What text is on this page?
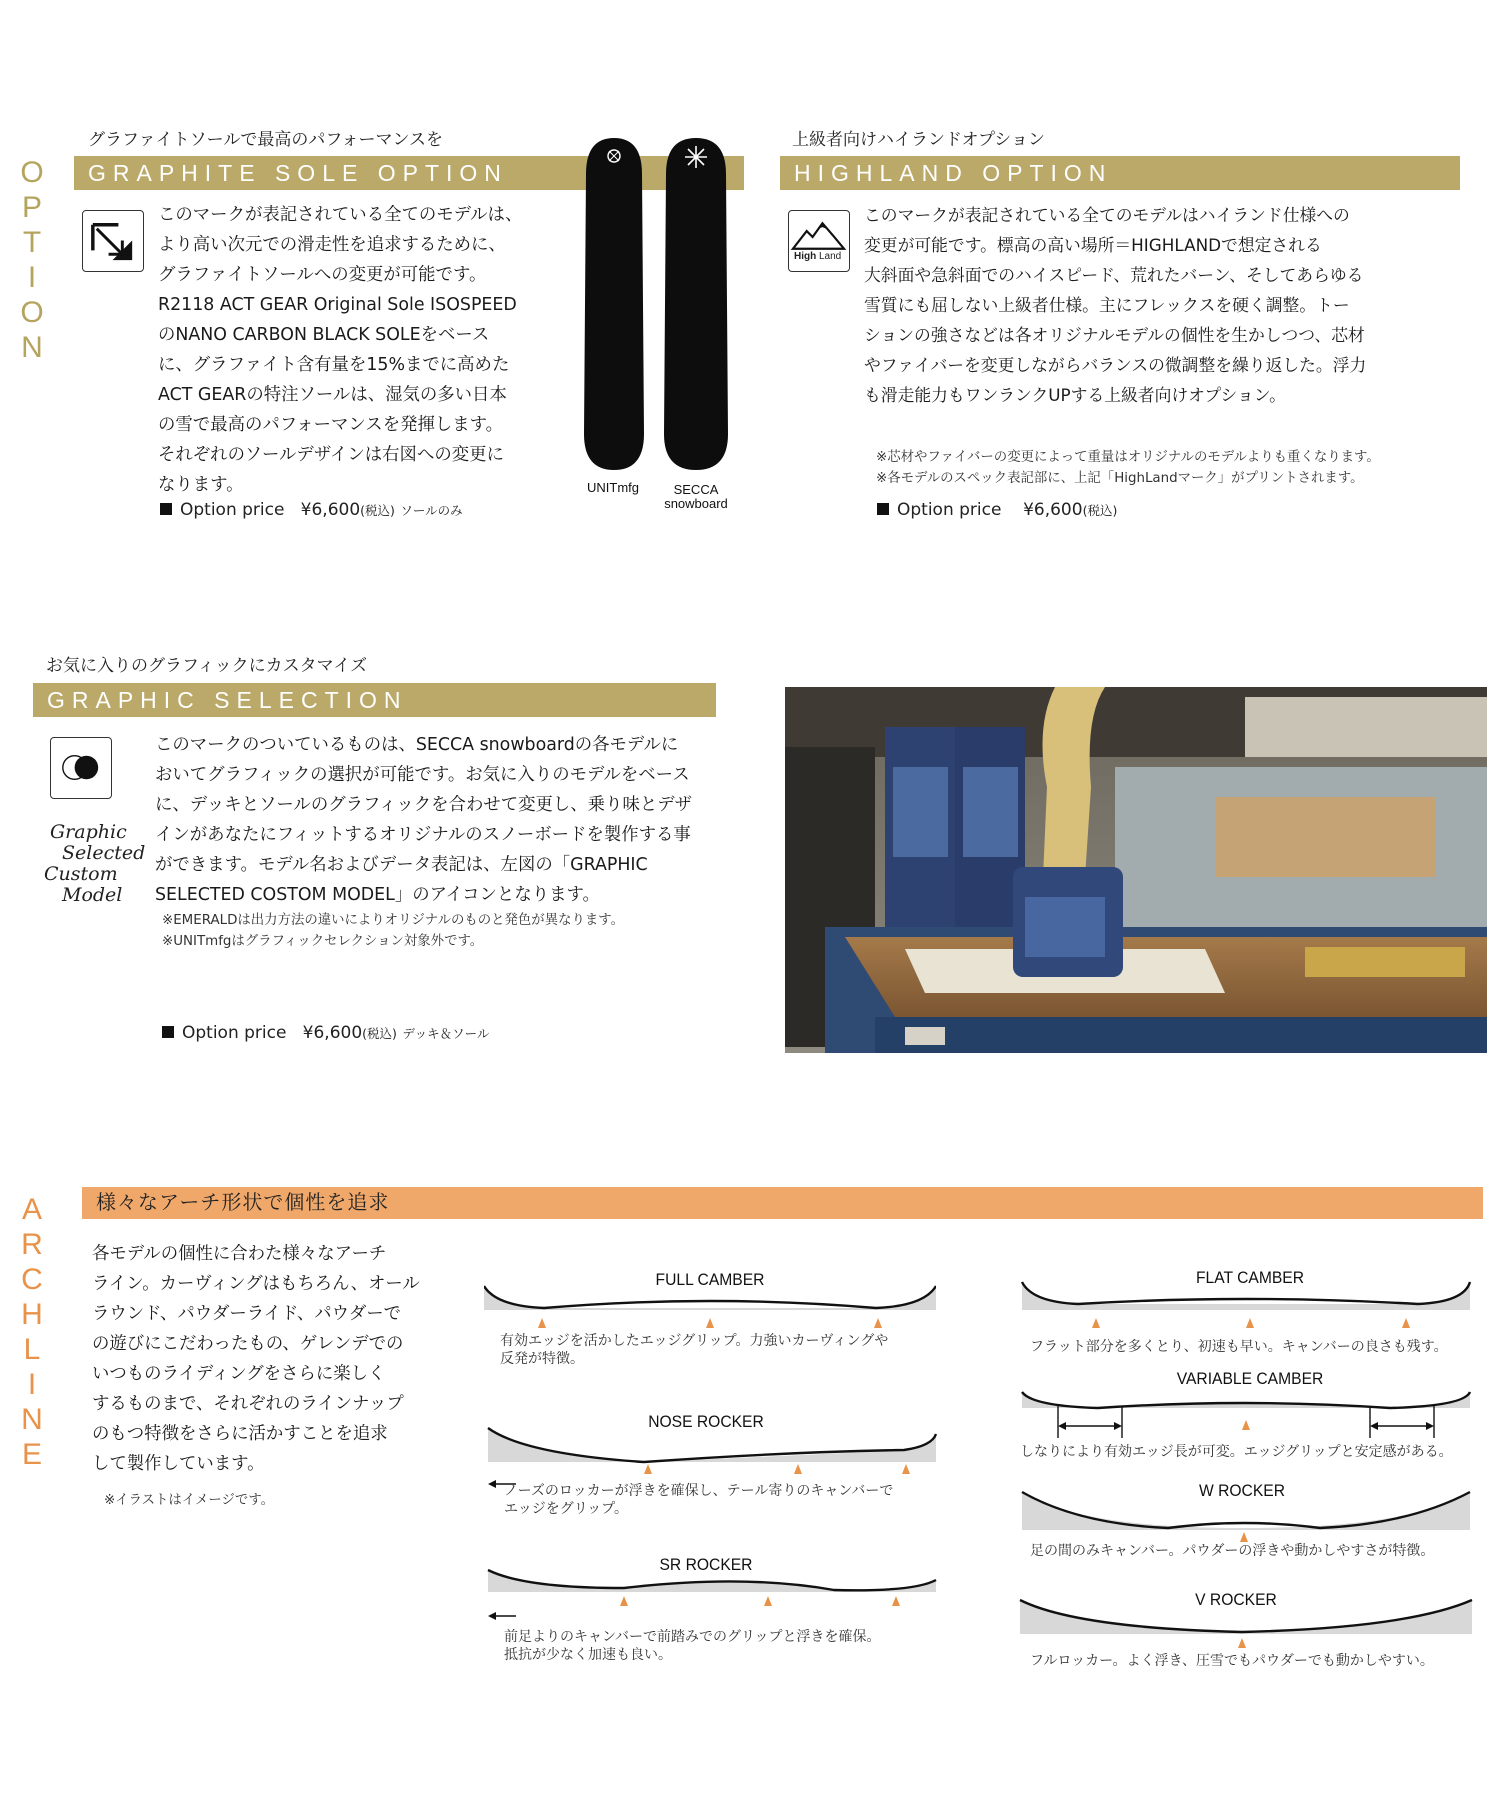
O
P
T
I
O
N
グラファイトソールで最高のパフォーマンスを
GRAPHITE SOLE OPTION
このマークが表記されている全てのモデルは、
より高い次元での滑走性を追求するために、
グラファイトソールへの変更が可能です。
R2118 ACT GEAR Original Sole ISOSPEED
のNANO CARBON BLACK SOLEをベース
に、グラファイト含有量を15%までに高めた
ACT GEARの特注ソールは、湿気の多い日本
の雪で最高のパフォーマンスを発揮します。
それぞれのソールデザインは右図への変更に
なります。
Option price ¥6,600(税込) ソールのみ
UNITmfg	SECCA
snowboard
上級者向けハイランドオプション
HIGHLAND OPTION
High Land
このマークが表記されている全てのモデルはハイランド仕様への
変更が可能です。標高の高い場所＝HIGHLANDで想定される
大斜面や急斜面でのハイスピード、荒れたバーン、そしてあらゆる
雪質にも屈しない上級者仕様。主にフレックスを硬く調整。トー
ションの強さなどは各オリジナルモデルの個性を生かしつつ、芯材
やファイバーを変更しながらバランスの微調整を繰り返した。浮力
も滑走能力もワンランクUPする上級者向けオプション。
※芯材やファイバーの変更によって重量はオリジナルのモデルよりも重くなります。
※各モデルのスペック表記部に、上記「HighLandマーク」がプリントされます。
Option price ¥6,600(税込)
お気に入りのグラフィックにカスタマイズ
GRAPHIC SELECTION
Graphic
Selected
Custom
Model
このマークのついているものは、SECCA snowboardの各モデルに
おいてグラフィックの選択が可能です。お気に入りのモデルをベース
に、デッキとソールのグラフィックを合わせて変更し、乗り味とデザ
インがあなたにフィットするオリジナルのスノーボードを製作する事
ができます。モデル名およびデータ表記は、左図の「GRAPHIC
SELECTED COSTOM MODEL」のアイコンとなります。
※EMERALDは出力方法の違いによりオリジナルのものと発色が異なります。
※UNITmfgはグラフィックセレクション対象外です。
Option price ¥6,600(税込) デッキ＆ソール
A
R
C
H
L
I
N
E
様々なアーチ形状で個性を追求
各モデルの個性に合わた様々なアーチ
ライン。カーヴィングはもちろん、オール
ラウンド、パウダーライド、パウダーで
の遊びにこだわったもの、ゲレンデでの
いつものライディングをさらに楽しく
するものまで、それぞれのラインナップ
のもつ特徴をさらに活かすことを追求
して製作しています。
※イラストはイメージです。
FULL CAMBER
有効エッジを活かしたエッジグリップ。力強いカーヴィングや
反発が特徴。
NOSE ROCKER
ノーズのロッカーが浮きを確保し、テール寄りのキャンバーで
エッジをグリップ。
SR ROCKER
前足よりのキャンバーで前踏みでのグリップと浮きを確保。
抵抗が少なく加速も良い。
FLAT CAMBER
フラット部分を多くとり、初速も早い。キャンバーの良さも残す。
VARIABLE CAMBER
しなりにより有効エッジ長が可変。エッジグリップと安定感がある。
W ROCKER
足の間のみキャンバー。パウダーの浮きや動かしやすさが特徴。
V ROCKER
フルロッカー。よく浮き、圧雪でもパウダーでも動かしやすい。
